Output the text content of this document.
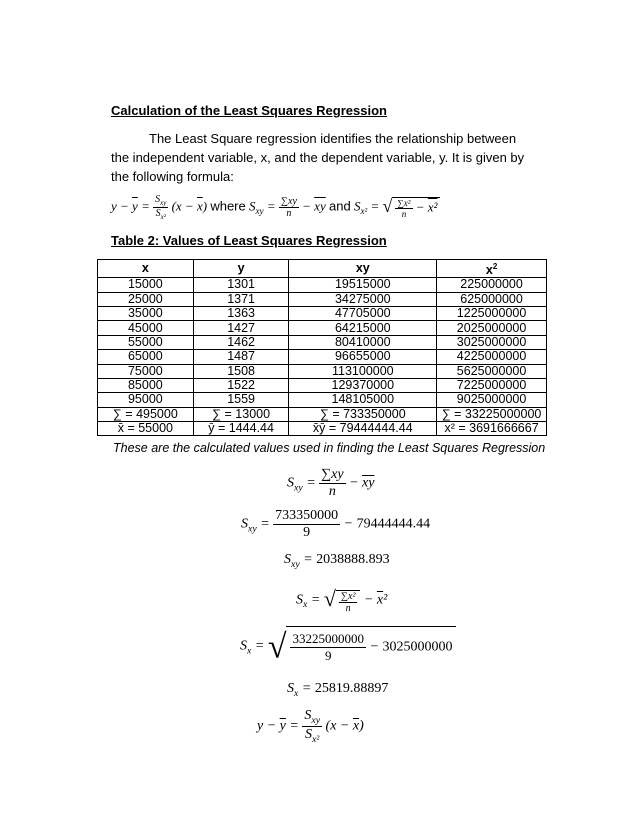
Calculation of the Least Squares Regression
The Least Square regression identifies the relationship between the independent variable, x, and the dependent variable, y. It is given by the following formula:
$y - \overline{y} = \frac{S_{xy}}{S_{x^2}} (x - \overline{x})$ where $S_{xy} = \frac{\sum xy}{n} - \overline{x}\overline{y}$ and $S_{x^2}$ = √ $\frac{\text{∑x²}}{n} - x^2$
Table 2: Values of Least Squares Regression
x	y	xy	$x^2$
15000	1301	19515000	225000000
25000	1371	34275000	625000000
35000	1363	47705000	1225000000
45000	1427	64215000	2025000000
55000	1462	80410000	3025000000
65000	1487	96655000	4225000000
75000	1508	113100000	5625000000
85000	1522	129370000	7225000000
95000	1559	148105000	9025000000
∑ = 495000	∑ = 13000	∑ = 733350000	∑ = 33225000000
x̄ = 55000	ȳ = 1444.44	x̄ȳ = 79444444.44	x² = 3691666667
These are the calculated values used in finding the Least Squares Regression
$S_{xy} = \frac{\sum xy}{n} - \overline{x}\overline{y}$
$S_{xy} = \frac{733350000}{9} - 79444444.44$
$S_{xy} = 2038888.893$
$S_x$ = √ $\frac{\text{∑x²}}{n} - \overline{x}^2$
$S_x$ = √ $\frac{33225000000}{9} - 3025000000$
$S_x = 25819.88897$
$y - \overline{y} = \frac{S_{xy}}{S_{x^2}} (x - \overline{x})$
